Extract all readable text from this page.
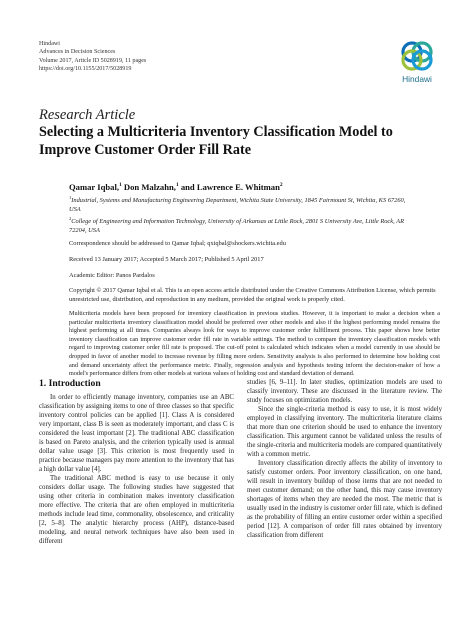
Hindawi
Advances in Decision Sciences
Volume 2017, Article ID 5028919, 11 pages
https://doi.org/10.1155/2017/5028919
Hindawi
Research Article
Selecting a Multicriteria Inventory Classification Model to Improve Customer Order Fill Rate
Qamar Iqbal,$^1$ Don Malzahn,$^1$ and Lawrence E. Whitman$^2$
$^1$Industrial, Systems and Manufacturing Engineering Department, Wichita State University, 1845 Fairmount St, Wichita, KS 67260, USA
$^2$College of Engineering and Information Technology, University of Arkansas at Little Rock, 2801 S University Ave, Little Rock, AR 72204, USA
Correspondence should be addressed to Qamar Iqbal; qxiqbal@shockers.wichita.edu
Received 13 January 2017; Accepted 5 March 2017; Published 5 April 2017
Academic Editor: Panos Pardalos
Copyright © 2017 Qamar Iqbal et al. This is an open access article distributed under the Creative Commons Attribution License, which permits unrestricted use, distribution, and reproduction in any medium, provided the original work is properly cited.
Multicriteria models have been proposed for inventory classification in previous studies. However, it is important to make a decision when a particular multicriteria inventory classification model should be preferred over other models and also if the highest performing model remains the highest performing at all times. Companies always look for ways to improve customer order fulfillment process. This paper shows how better inventory classification can improve customer order fill rate in variable settings. The method to compare the inventory classification models with regard to improving customer order fill rate is proposed. The cut-off point is calculated which indicates when a model currently in use should be dropped in favor of another model to increase revenue by filling more orders. Sensitivity analysis is also performed to determine how holding cost and demand uncertainty affect the performance metric. Finally, regression analysis and hypothesis testing inform the decision-maker of how a model's performance differs from other models at various values of holding cost and standard deviation of demand.
1. Introduction

In order to efficiently manage inventory, companies use an ABC classification by assigning items to one of three classes so that specific inventory control policies can be applied [1]. Class A is considered very important, class B is seen as moderately important, and class C is considered the least important [2]. The traditional ABC classification is based on Pareto analysis, and the criterion typically used is annual dollar value usage [3]. This criterion is most frequently used in practice because managers pay more attention to the inventory that has a high dollar value [4].

The traditional ABC method is easy to use because it only considers dollar usage. The following studies have suggested that using other criteria in combination makes inventory classification more effective. The criteria that are often employed in multicriteria methods include lead time, commonality, obsolescence, and criticality [2, 5–8]. The analytic hierarchy process (AHP), distance-based modeling, and neural network techniques have also been used in different

studies [6, 9–11]. In later studies, optimization models are used to classify inventory. These are discussed in the literature review. The study focuses on optimization models.

Since the single-criteria method is easy to use, it is most widely employed in classifying inventory. The multicriteria literature claims that more than one criterion should be used to enhance the inventory classification. This argument cannot be validated unless the results of the single-criteria and multicriteria models are compared quantitatively with a common metric.

Inventory classification directly affects the ability of inventory to satisfy customer orders. Poor inventory classification, on one hand, will result in inventory buildup of those items that are not needed to meet customer demand; on the other hand, this may cause inventory shortages of items when they are needed the most. The metric that is usually used in the industry is customer order fill rate, which is defined as the probability of filling an entire customer order within a specified period [12]. A comparison of order fill rates obtained by inventory classification from different
